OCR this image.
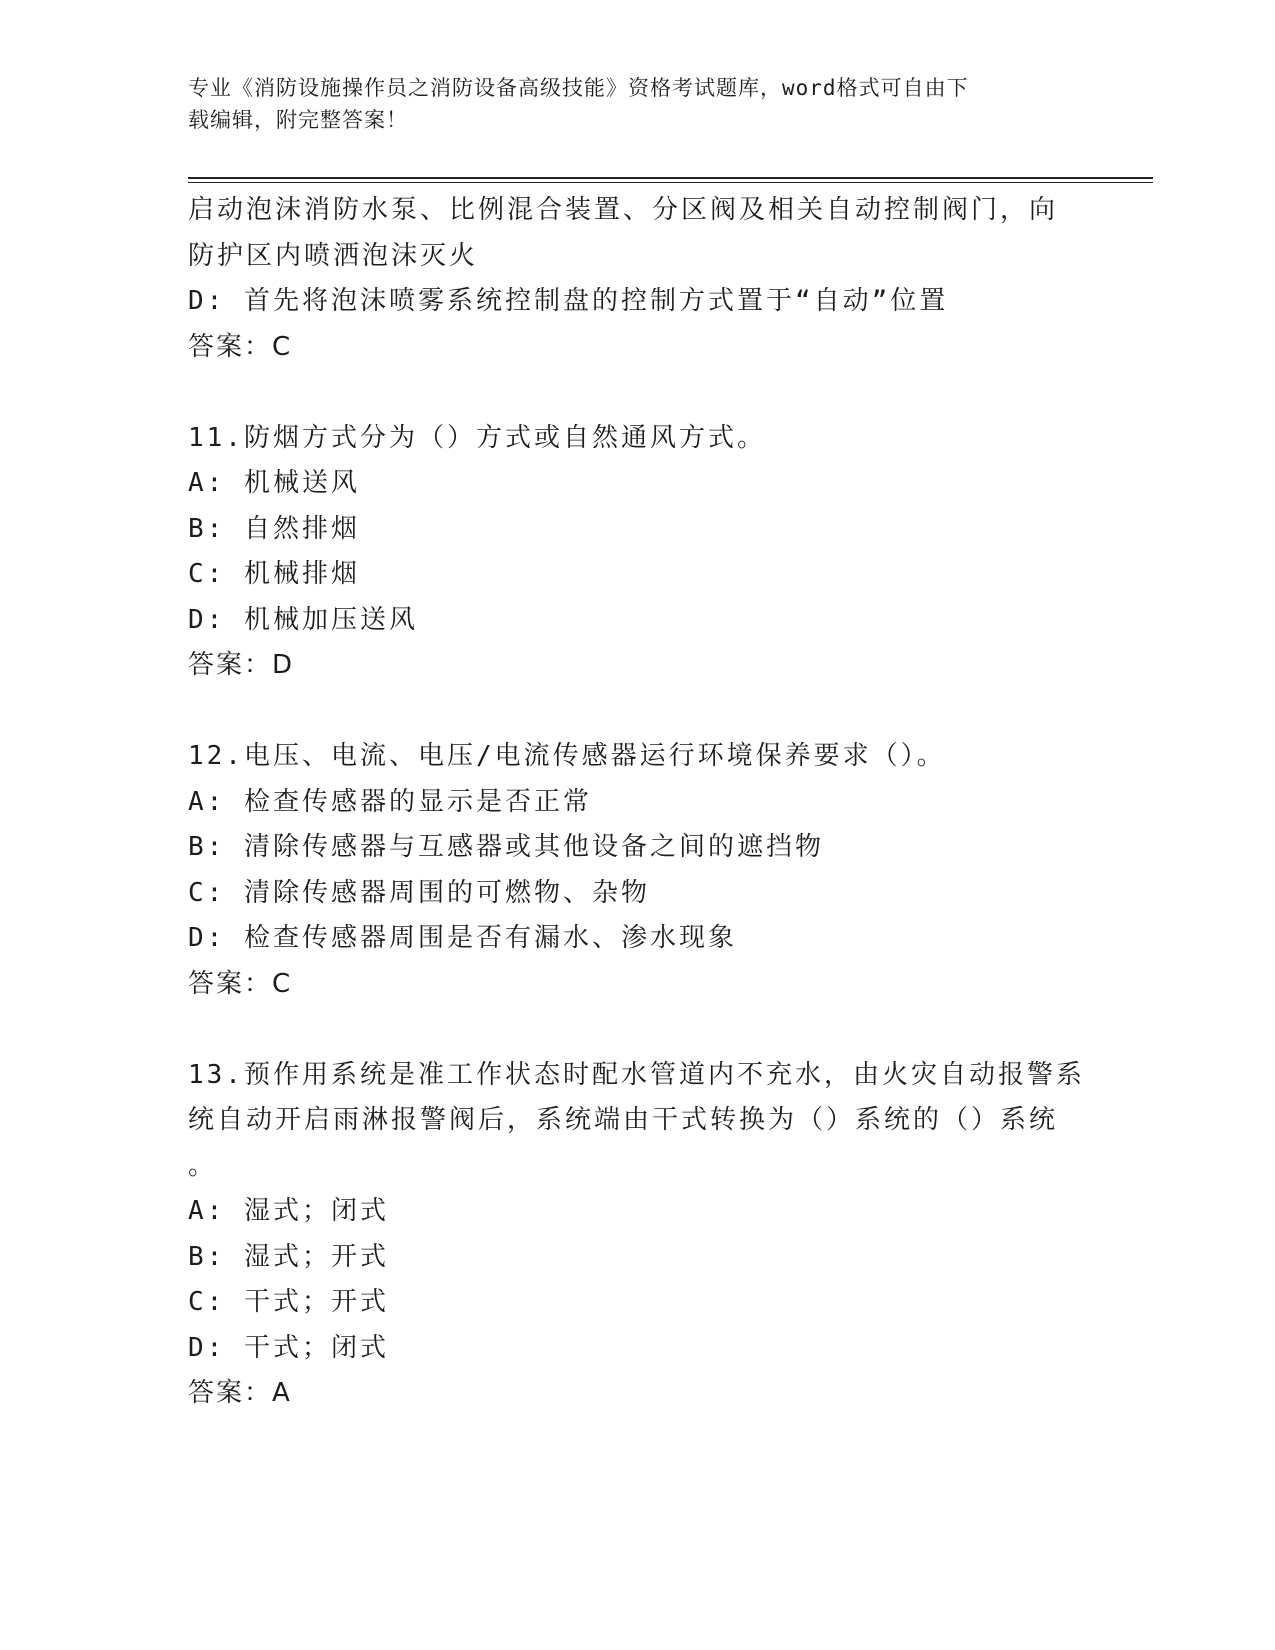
专业《消防设施操作员之消防设备高级技能》资格考试题库，word格式可自由下
载编辑，附完整答案！
启动泡沫消防水泵、比例混合装置、分区阀及相关自动控制阀门，向
防护区内喷洒泡沫灭火
D: 首先将泡沫喷雾系统控制盘的控制方式置于“自动”位置
答案：C
11.防烟方式分为（）方式或自然通风方式。
A: 机械送风
B: 自然排烟
C: 机械排烟
D: 机械加压送风
答案：D
12.电压、电流、电压/电流传感器运行环境保养要求（）。
A: 检查传感器的显示是否正常
B: 清除传感器与互感器或其他设备之间的遮挡物
C: 清除传感器周围的可燃物、杂物
D: 检查传感器周围是否有漏水、渗水现象
答案：C
13.预作用系统是准工作状态时配水管道内不充水，由火灾自动报警系
统自动开启雨淋报警阀后，系统端由干式转换为（）系统的（）系统
。
A: 湿式；闭式
B: 湿式；开式
C: 干式；开式
D: 干式；闭式
答案：A
